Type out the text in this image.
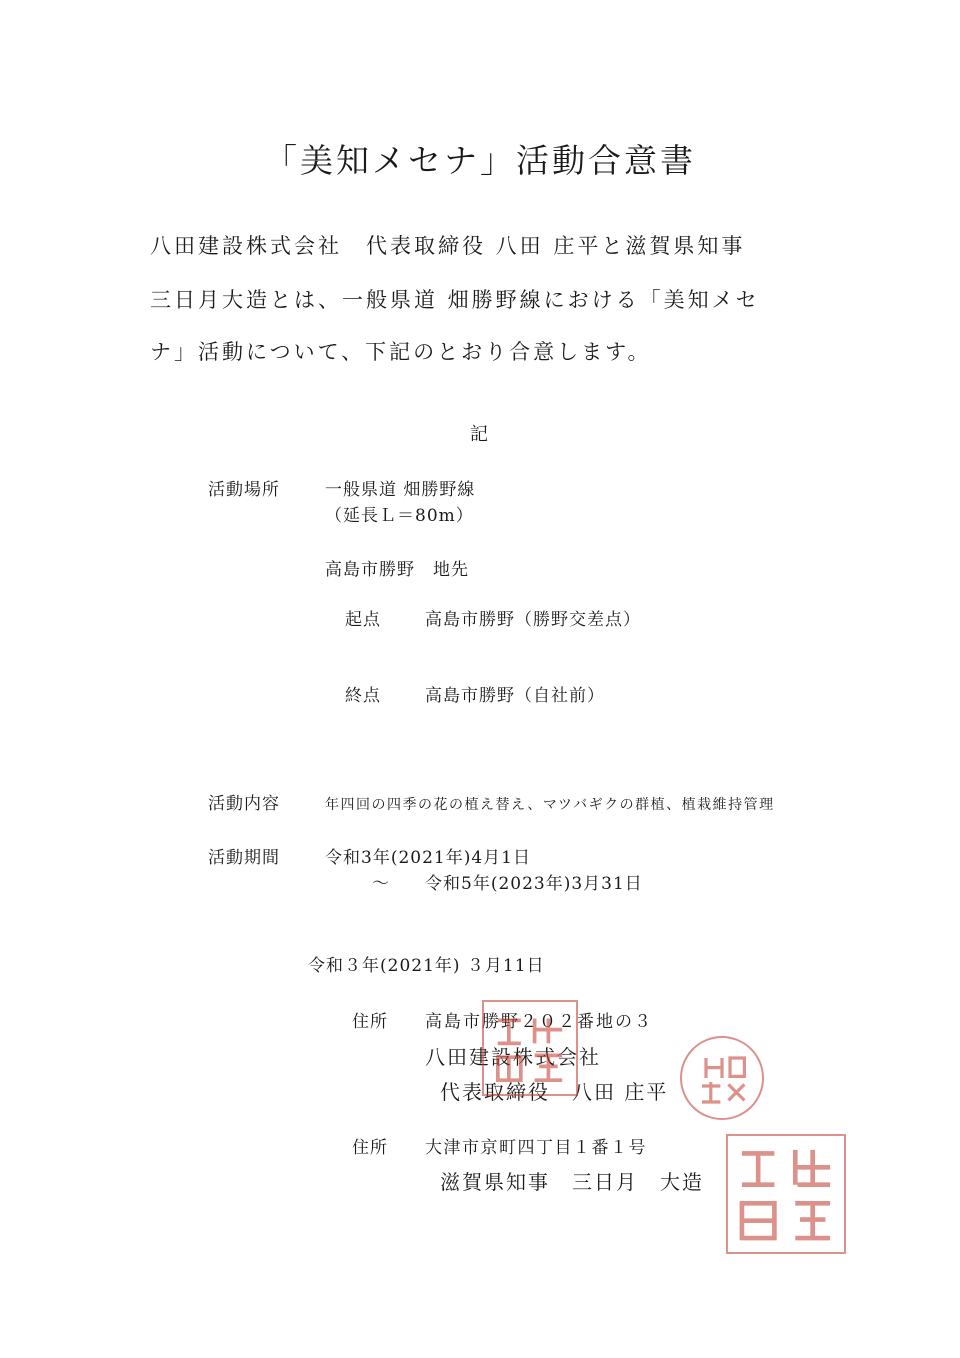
「美知メセナ」活動合意書
八田建設株式会社　代表取締役 八田 庄平と滋賀県知事
三日月大造とは、一般県道 畑勝野線における「美知メセ
ナ」活動について、下記のとおり合意します。
記
活動場所	一般県道 畑勝野線
（延長Ｌ＝80m）
高島市勝野　地先
起点	高島市勝野（勝野交差点）
終点	高島市勝野（自社前）
活動内容	年四回の四季の花の植え替え、マツバギクの群植、植栽維持管理
活動期間	令和3年(2021年)4月1日
～ 令和5年(2023年)3月31日
令和３年(2021年) ３月11日
住所 高島市勝野２０２番地の３
八田建設株式会社
代表取締役　八田 庄平
住所 大津市京町四丁目１番１号
滋賀県知事　三日月　大造
